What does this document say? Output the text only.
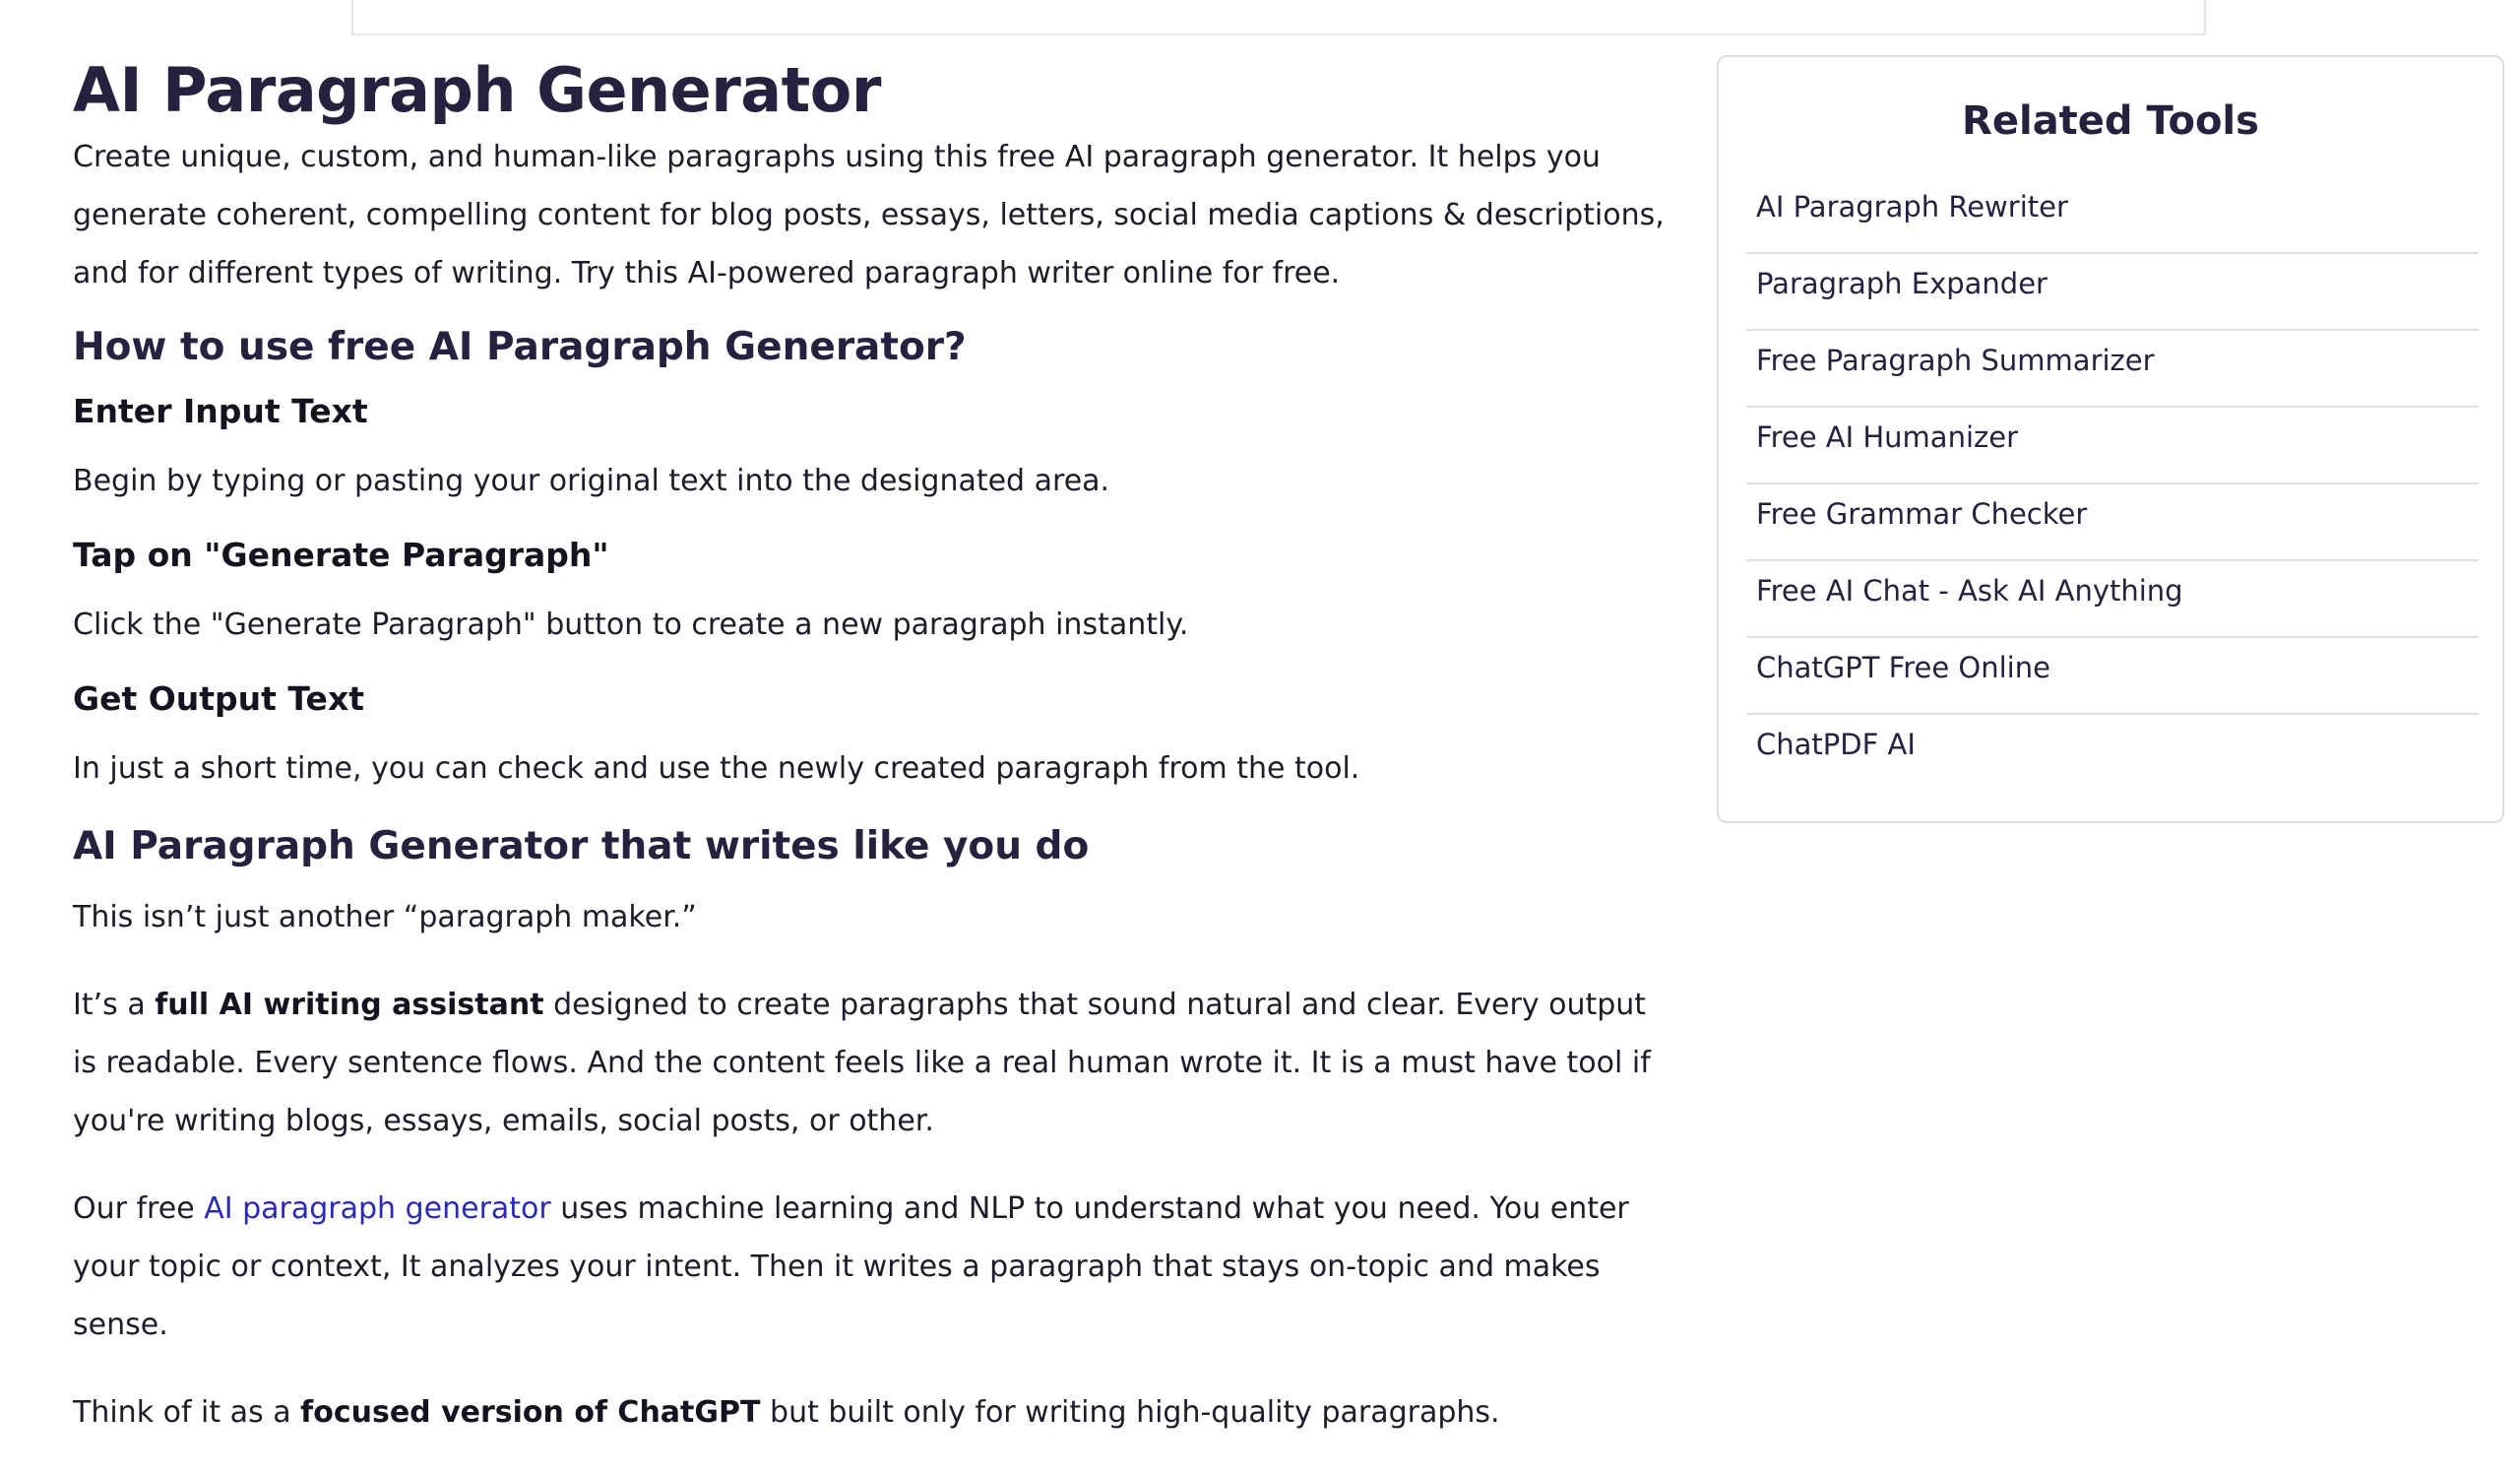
AI Paragraph Generator

Create unique, custom, and human-like paragraphs using this free AI paragraph generator. It helps you generate coherent, compelling content for blog posts, essays, letters, social media captions & descriptions, and for different types of writing. Try this AI-powered paragraph writer online for free.

How to use free AI Paragraph Generator?
Enter Input Text

Begin by typing or pasting your original text into the designated area.

Tap on "Generate Paragraph"

Click the "Generate Paragraph" button to create a new paragraph instantly.

Get Output Text

In just a short time, you can check and use the newly created paragraph from the tool.

AI Paragraph Generator that writes like you do

This isn’t just another “paragraph maker.”

It’s a full AI writing assistant designed to create paragraphs that sound natural and clear. Every output is readable. Every sentence flows. And the content feels like a real human wrote it. It is a must have tool if you're writing blogs, essays, emails, social posts, or other.

Our free AI paragraph generator uses machine learning and NLP to understand what you need. You enter your topic or context, It analyzes your intent. Then it writes a paragraph that stays on-topic and makes sense.

Think of it as a focused version of ChatGPT but built only for writing high-quality paragraphs.

Related Tools
AI Paragraph Rewriter
Paragraph Expander
Free Paragraph Summarizer
Free AI Humanizer
Free Grammar Checker
Free AI Chat - Ask AI Anything
ChatGPT Free Online
ChatPDF AI
